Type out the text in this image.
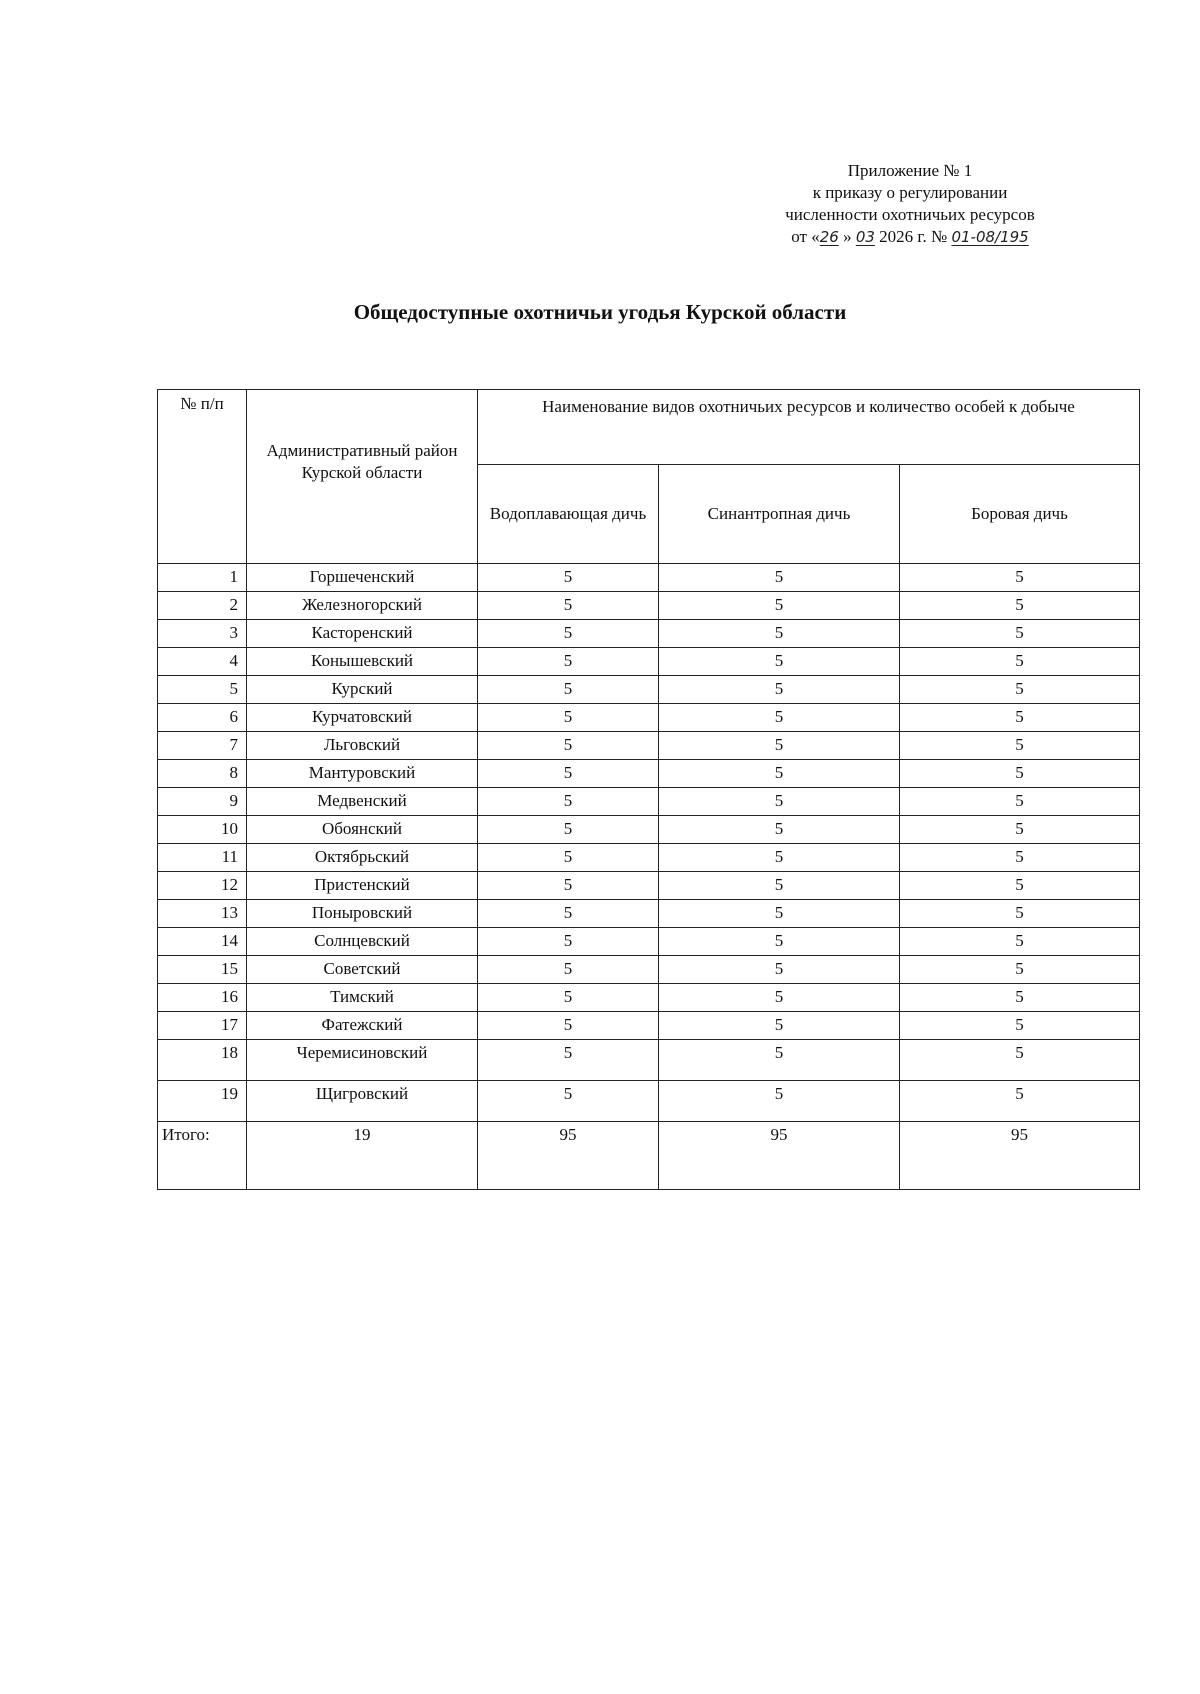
Приложение № 1
к приказу о регулировании
численности охотничьих ресурсов
от «26 » 03 2026 г. № 01-08/195
Общедоступные охотничьи угодья Курской области
№ п/п	Административный район Курской области	Наименование видов охотничьих ресурсов и количество особей к добыче		
		Водоплавающая дичь	Синантропная дичь	Боровая дичь
1	Горшеченский	5	5	5
2	Железногорский	5	5	5
3	Касторенский	5	5	5
4	Конышевский	5	5	5
5	Курский	5	5	5
6	Курчатовский	5	5	5
7	Льговский	5	5	5
8	Мантуровский	5	5	5
9	Медвенский	5	5	5
10	Обоянский	5	5	5
11	Октябрьский	5	5	5
12	Пристенский	5	5	5
13	Поныровский	5	5	5
14	Солнцевский	5	5	5
15	Советский	5	5	5
16	Тимский	5	5	5
17	Фатежский	5	5	5
18	Черемисиновский	5	5	5
19	Щигровский	5	5	5
Итого:	19	95	95	95
